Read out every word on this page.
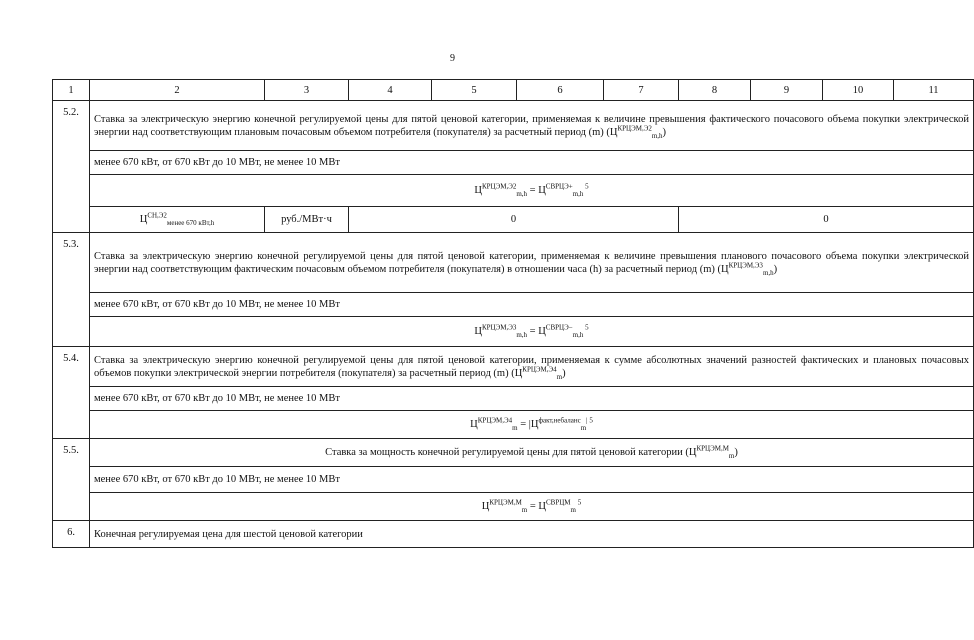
9
1	2	3	4	5	6	7	8	9	10	11
5.2.	Ставка за электрическую энергию конечной регулируемой цены для пятой ценовой категории, применяемая к величине превышения фактического почасового объема покупки электрической энергии над соответствующим плановым почасовым объемом потребителя (покупателя) за расчетный период (m) $(Ц^{КРЦЭМ,Э2}_{m,h})$									
	менее 670 кВт, от 670 кВт до 10 МВт, не менее 10 МВт									
	$Ц^{КРЦЭМ,Э2}_{m,h} = Ц^{СВРЦЭ+}_{m,h}$ $^5$
	$Ц^{СН,Э2}_{менее 670 кВт,h}$	руб./МВт·ч	0				0			
5.3.	Ставка за электрическую энергию конечной регулируемой цены для пятой ценовой категории, применяемая к величине превышения планового почасового объема покупки электрической энергии над соответствующим фактическим почасовым объемом потребителя (покупателя) в отношении часа (h) за расчетный период (m) $(Ц^{КРЦЭМ,Э3}_{m,h})$									
	менее 670 кВт, от 670 кВт до 10 МВт, не менее 10 МВт									
	$Ц^{КРЦЭМ,Э3}_{m,h} = Ц^{СВРЦЭ-}_{m,h}$ $^5$
5.4.	Ставка за электрическую энергию конечной регулируемой цены для пятой ценовой категории, применяемая к сумме абсолютных значений разностей фактических и плановых почасовых объемов покупки электрической энергии потребителя (покупателя) за расчетный период (m) $(Ц^{КРЦЭМ,Э4}_m)$									
	менее 670 кВт, от 670 кВт до 10 МВт, не менее 10 МВт									
	$Ц^{КРЦЭМ,Э4}_m = |Ц^{факт,небаланс}_m^{| 5}$
5.5.	Ставка за мощность конечной регулируемой цены для пятой ценовой категории $(Ц^{КРЦЭМ,М}_m)$									
	менее 670 кВт, от 670 кВт до 10 МВт, не менее 10 МВт									
	$Ц^{КРЦЭМ,М}_m = Ц^{СВРЦМ}_m$ $^5$
6.	Конечная регулируемая цена для шестой ценовой категории									
